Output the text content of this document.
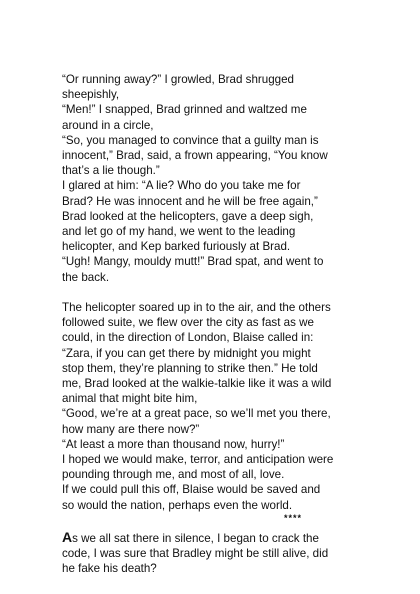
“Or running away?” I growled, Brad shrugged
sheepishly,
“Men!” I snapped, Brad grinned and waltzed me
around in a circle,
“So, you managed to convince that a guilty man is
innocent,” Brad, said, a frown appearing, “You know
that’s a lie though.”
I glared at him: “A lie? Who do you take me for
Brad? He was innocent and he will be free again,”
Brad looked at the helicopters, gave a deep sigh,
and let go of my hand, we went to the leading
helicopter, and Kep barked furiously at Brad.
“Ugh! Mangy, mouldy mutt!” Brad spat, and went to
the back.
The helicopter soared up in to the air, and the others
followed suite, we flew over the city as fast as we
could, in the direction of London, Blaise called in:
“Zara, if you can get there by midnight you might
stop them, they’re planning to strike then.” He told
me, Brad looked at the walkie-talkie like it was a wild
animal that might bite him,
“Good, we’re at a great pace, so we’ll met you there,
how many are there now?”
“At least a more than thousand now, hurry!”
I hoped we would make, terror, and anticipation were
pounding through me, and most of all, love.
If we could pull this off, Blaise would be saved and
so would the nation, perhaps even the world.
****
As we all sat there in silence, I began to crack the
code, I was sure that Bradley might be still alive, did
he fake his death?
